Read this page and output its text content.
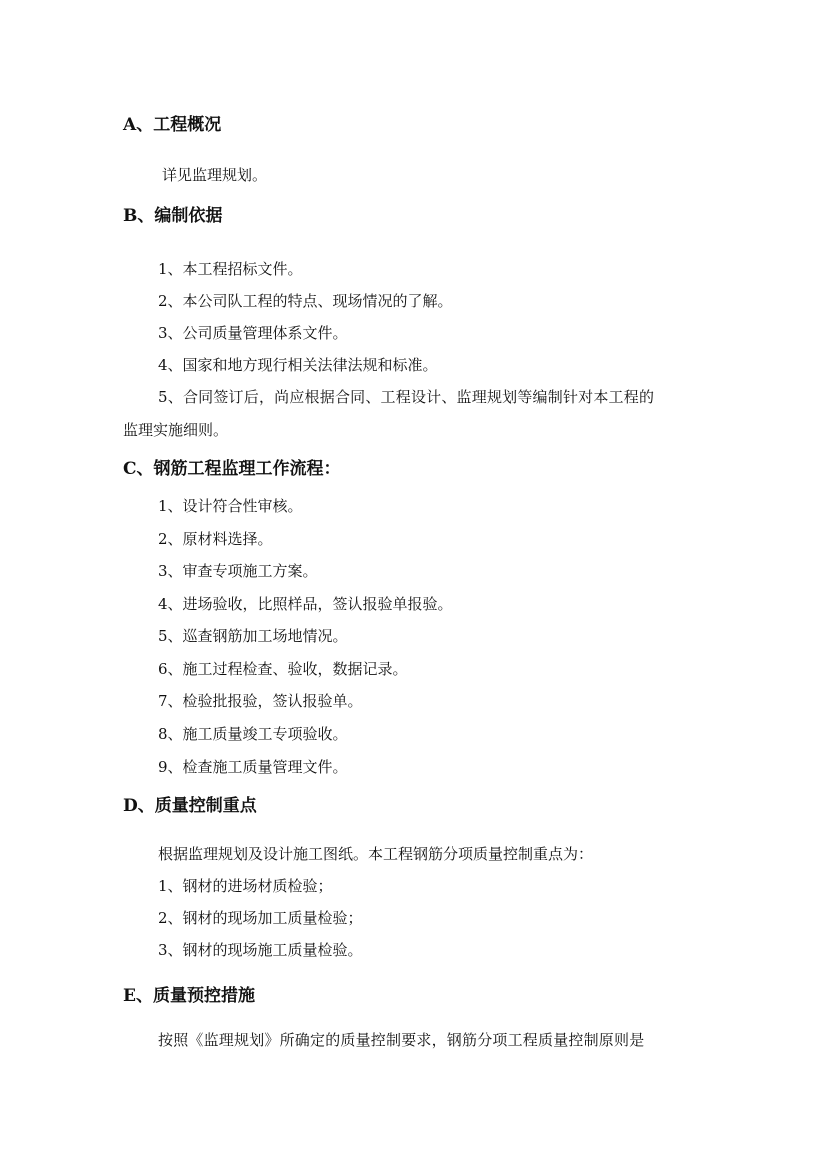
A、工程概况
详见监理规划。
B、编制依据
1、本工程招标文件。
2、本公司队工程的特点、现场情况的了解。
3、公司质量管理体系文件。
4、国家和地方现行相关法律法规和标准。
5、合同签订后，尚应根据合同、工程设计、监理规划等编制针对本工程的
监理实施细则。
C、钢筋工程监理工作流程：
1、设计符合性审核。
2、原材料选择。
3、审查专项施工方案。
4、进场验收，比照样品，签认报验单报验。
5、巡查钢筋加工场地情况。
6、施工过程检查、验收，数据记录。
7、检验批报验，签认报验单。
8、施工质量竣工专项验收。
9、检查施工质量管理文件。
D、质量控制重点
根据监理规划及设计施工图纸。本工程钢筋分项质量控制重点为：
1、钢材的进场材质检验；
2、钢材的现场加工质量检验；
3、钢材的现场施工质量检验。
E、质量预控措施
按照《监理规划》所确定的质量控制要求，钢筋分项工程质量控制原则是
